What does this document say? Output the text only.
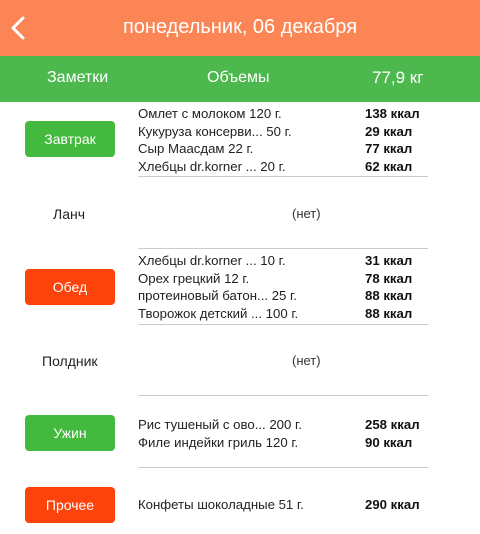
понедельник, 06 декабря
Заметки	Объемы	77,9 кг
Завтрак
Омлет с молоком 120 г.	138 ккал
Кукуруза консерви... 50 г.	29 ккал
Сыр Маасдам 22 г.	77 ккал
Хлебцы dr.korner ... 20 г.	62 ккал
Ланч	(нет)
Обед
Хлебцы dr.korner ... 10 г.	31 ккал
Орех грецкий 12 г.	78 ккал
протеиновый батон... 25 г.	88 ккал
Творожок детский ... 100 г.	88 ккал
Полдник	(нет)
Ужин
Рис тушеный с ово... 200 г.	258 ккал
Филе индейки гриль 120 г.	90 ккал
Прочее	Конфеты шоколадные 51 г.	290 ккал
